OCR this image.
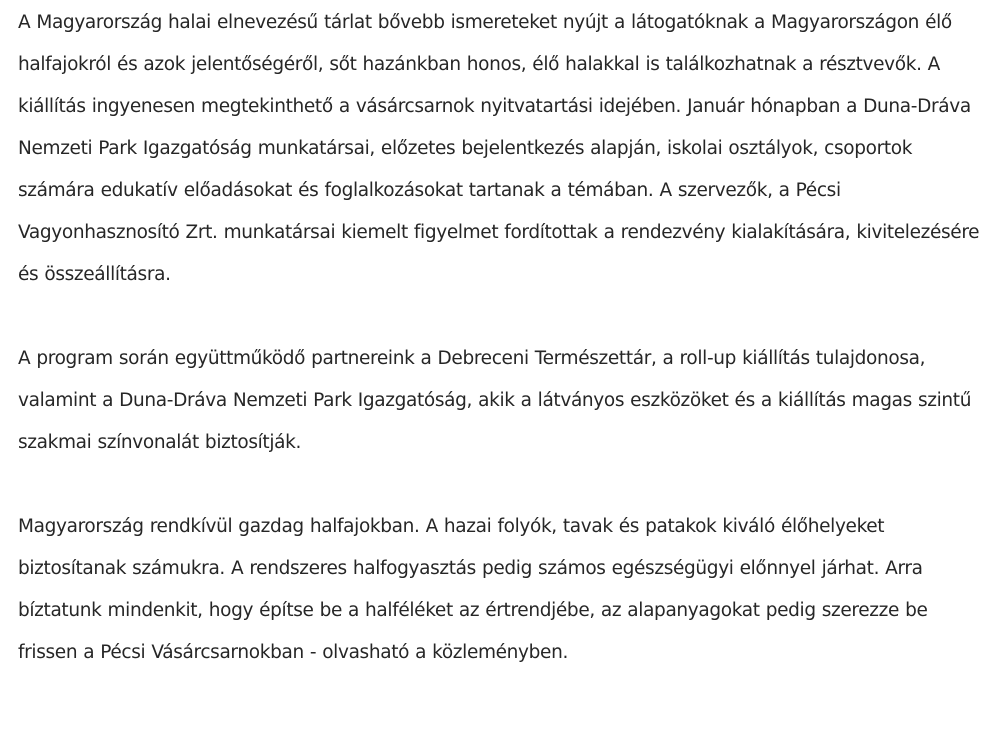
A Magyarország halai elnevezésű tárlat bővebb ismereteket nyújt a látogatóknak a Magyarországon élő halfajokról és azok jelentőségéről, sőt hazánkban honos, élő halakkal is találkozhatnak a résztvevők. A kiállítás ingyenesen megtekinthető a vásárcsarnok nyitvatartási idejében. Január hónapban a Duna-Dráva Nemzeti Park Igazgatóság munkatársai, előzetes bejelentkezés alapján, iskolai osztályok, csoportok számára edukatív előadásokat és foglalkozásokat tartanak a témában. A szervezők, a Pécsi Vagyonhasznosító Zrt. munkatársai kiemelt figyelmet fordítottak a rendezvény kialakítására, kivitelezésére és összeállításra.

A program során együttműködő partnereink a Debreceni Természettár, a roll-up kiállítás tulajdonosa, valamint a Duna-Dráva Nemzeti Park Igazgatóság, akik a látványos eszközöket és a kiállítás magas szintű szakmai színvonalát biztosítják.

Magyarország rendkívül gazdag halfajokban. A hazai folyók, tavak és patakok kiváló élőhelyeket biztosítanak számukra. A rendszeres halfogyasztás pedig számos egészségügyi előnnyel járhat. Arra bíztatunk mindenkit, hogy építse be a halféléket az értrendjébe, az alapanyagokat pedig szerezze be frissen a Pécsi Vásárcsarnokban - olvasható a közleményben.
